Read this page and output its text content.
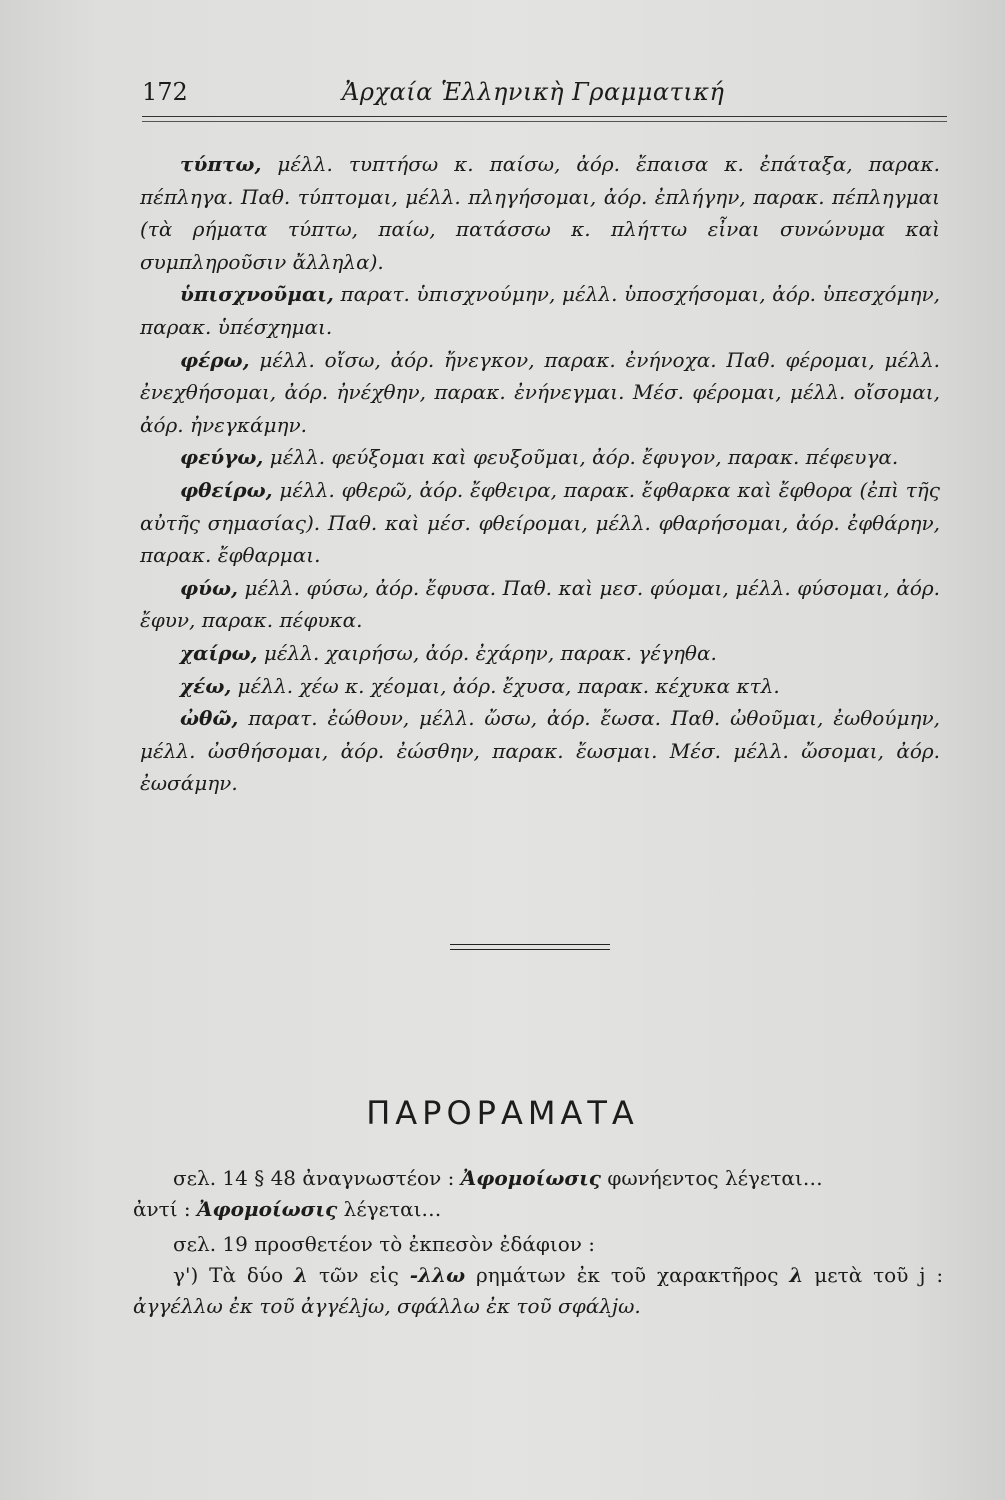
172	Ἀρχαία Ἑλληνικὴ Γραμματική

τύπτω, μέλλ. τυπτήσω κ. παίσω, ἀόρ. ἔπαισα κ. ἐπάταξα, παρακ. πέπληγα. Παθ. τύπτομαι, μέλλ. πληγήσομαι, ἀόρ. ἐπλήγην, παρακ. πέπληγμαι (τὰ ρήματα τύπτω, παίω, πατάσσω κ. πλήττω εἶναι συνώνυμα καὶ συμπληροῦσιν ἄλληλα).

ὑπισχνοῦμαι, παρατ. ὑπισχνούμην, μέλλ. ὑποσχήσομαι, ἀόρ. ὑπεσχόμην, παρακ. ὑπέσχημαι.

φέρω, μέλλ. οἴσω, ἀόρ. ἤνεγκον, παρακ. ἐνήνοχα. Παθ. φέρομαι, μέλλ. ἐνεχθήσομαι, ἀόρ. ἠνέχθην, παρακ. ἐνήνεγμαι. Μέσ. φέρομαι, μέλλ. οἴσομαι, ἀόρ. ἠνεγκάμην.

φεύγω, μέλλ. φεύξομαι καὶ φευξοῦμαι, ἀόρ. ἔφυγον, παρακ. πέφευγα.

φθείρω, μέλλ. φθερῶ, ἀόρ. ἔφθειρα, παρακ. ἔφθαρκα καὶ ἔφθορα (ἐπὶ τῆς αὐτῆς σημασίας). Παθ. καὶ μέσ. φθείρομαι, μέλλ. φθαρήσομαι, ἀόρ. ἐφθάρην, παρακ. ἔφθαρμαι.

φύω, μέλλ. φύσω, ἀόρ. ἔφυσα. Παθ. καὶ μεσ. φύομαι, μέλλ. φύσομαι, ἀόρ. ἔφυν, παρακ. πέφυκα.

χαίρω, μέλλ. χαιρήσω, ἀόρ. ἐχάρην, παρακ. γέγηθα.

χέω, μέλλ. χέω κ. χέομαι, ἀόρ. ἔχυσα, παρακ. κέχυκα κτλ.

ὠθῶ, παρατ. ἐώθουν, μέλλ. ὤσω, ἀόρ. ἔωσα. Παθ. ὠθοῦμαι, ἐωθούμην, μέλλ. ὠσθήσομαι, ἀόρ. ἐώσθην, παρακ. ἔωσμαι. Μέσ. μέλλ. ὤσομαι, ἀόρ. ἐωσάμην.

ΠΑΡΟΡΑΜΑΤΑ

σελ. 14 § 48 ἀναγνωστέον : Ἀφομοίωσις φωνήεντος λέγεται…

ἀντί : Ἀφομοίωσις λέγεται…

σελ. 19 προσθετέον τὸ ἐκπεσὸν ἐδάφιον :

γ') Τὰ δύο λ τῶν εἰς -λλω ρημάτων ἐκ τοῦ χαρακτῆρος λ μετὰ τοῦ j : ἀγγέλλω ἐκ τοῦ ἀγγέλjω, σφάλλω ἐκ τοῦ σφάλjω.
